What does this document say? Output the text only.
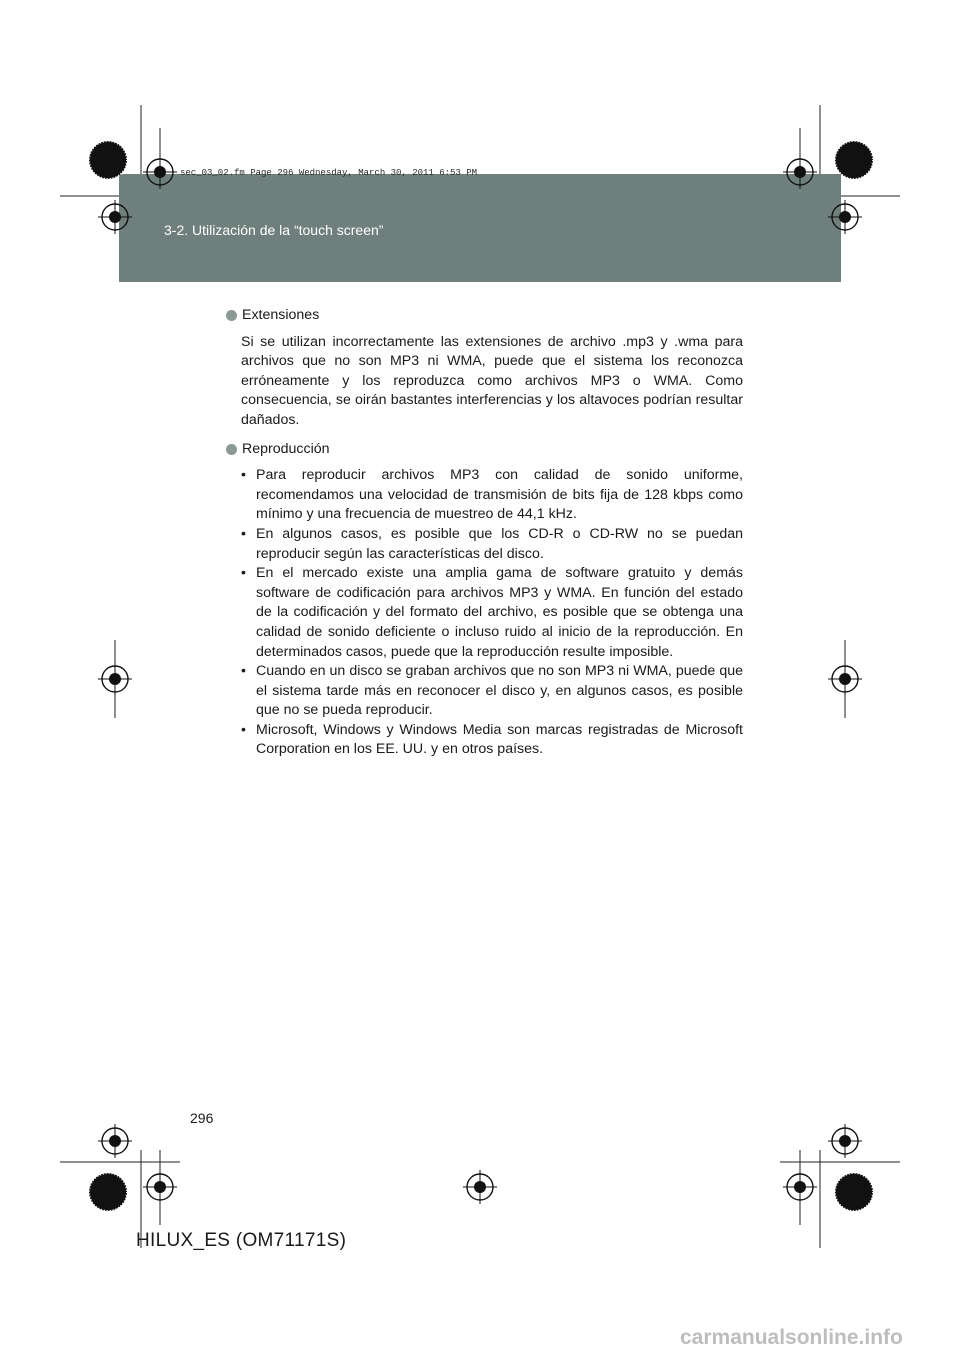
3-2. Utilización de la “touch screen”
sec_03_02.fm Page 296 Wednesday, March 30, 2011 6:53 PM
Extensiones

Si se utilizan incorrectamente las extensiones de archivo .mp3 y .wma para archivos que no son MP3 ni WMA, puede que el sistema los reconozca erróneamente y los reproduzca como archivos MP3 o WMA. Como consecuencia, se oirán bastantes interferencias y los altavoces podrían resultar dañados.

Reproducción
• Para reproducir archivos MP3 con calidad de sonido uniforme, recomendamos una velocidad de transmisión de bits fija de 128 kbps como mínimo y una frecuencia de muestreo de 44,1 kHz.
• En algunos casos, es posible que los CD-R o CD-RW no se puedan reproducir según las características del disco.
• En el mercado existe una amplia gama de software gratuito y demás software de codificación para archivos MP3 y WMA. En función del estado de la codificación y del formato del archivo, es posible que se obtenga una calidad de sonido deficiente o incluso ruido al inicio de la reproducción. En determinados casos, puede que la reproducción resulte imposible.
• Cuando en un disco se graban archivos que no son MP3 ni WMA, puede que el sistema tarde más en reconocer el disco y, en algunos casos, es posible que no se pueda reproducir.
• Microsoft, Windows y Windows Media son marcas registradas de Microsoft Corporation en los EE. UU. y en otros países.
296
HILUX_ES (OM71171S)
carmanualsonline.info
